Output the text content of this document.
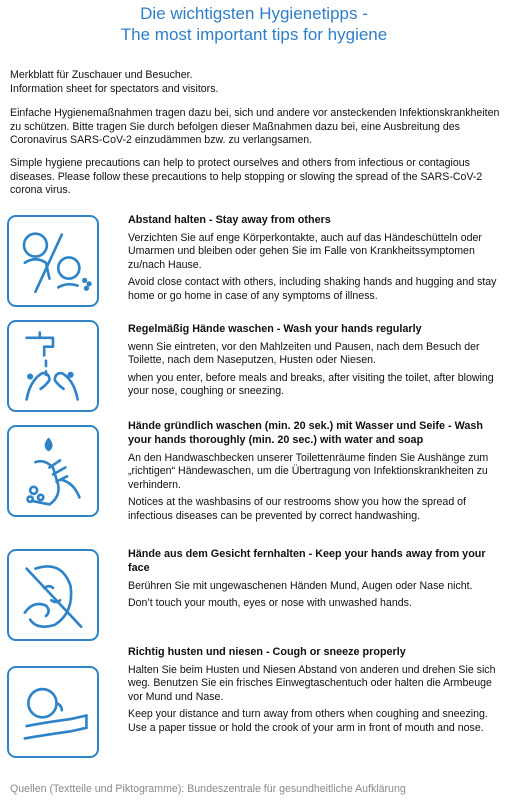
Die wichtigsten Hygienetipps -
The most important tips for hygiene

Merkblatt für Zuschauer und Besucher.

Information sheet for spectators and visitors.

Einfache Hygienemaßnahmen tragen dazu bei, sich und andere vor ansteckenden Infektionskrankheiten zu schützen. Bitte tragen Sie durch befolgen dieser Maßnahmen dazu bei, eine Ausbreitung des Coronavirus SARS-CoV-2 einzudämmen bzw. zu verlangsamen.

Simple hygiene precautions can help to protect ourselves and others from infectious or contagious diseases. Please follow these precautions to help stopping or slowing the spread of the SARS-CoV-2 corona virus.

Abstand halten - Stay away from others

Verzichten Sie auf enge Körperkontakte, auch auf das Händeschütteln oder Umarmen und bleiben oder gehen Sie im Falle von Krankheitssymptomen zu/nach Hause.

Avoid close contact with others, including shaking hands and hugging and stay home or go home in case of any symptoms of illness.

Regelmäßig Hände waschen - Wash your hands regularly

wenn Sie eintreten, vor den Mahlzeiten und Pausen, nach dem Besuch der Toilette, nach dem Naseputzen, Husten oder Niesen.

when you enter, before meals and breaks, after visiting the toilet, after blowing your nose, coughing or sneezing.

Hände gründlich waschen (min. 20 sek.) mit Wasser und Seife - Wash your hands thoroughly (min. 20 sec.) with water and soap

An den Handwaschbecken unserer Toilettenräume finden Sie Aushänge zum „richtigen“ Händewaschen, um die Übertragung von Infektionskrankheiten zu verhindern.

Notices at the washbasins of our restrooms show you how the spread of infectious diseases can be prevented by correct handwashing.

Hände aus dem Gesicht fernhalten - Keep your hands away from your face

Berühren Sie mit ungewaschenen Händen Mund, Augen oder Nase nicht.

Don’t touch your mouth, eyes or nose with unwashed hands.

Richtig husten und niesen - Cough or sneeze properly

Halten Sie beim Husten und Niesen Abstand von anderen und drehen Sie sich weg. Benutzen Sie ein frisches Einwegtaschentuch oder halten die Armbeuge vor Mund und Nase.

Keep your distance and turn away from others when coughing and sneezing. Use a paper tissue or hold the crook of your arm in front of mouth and nose.

Quellen (Textteile und Piktogramme): Bundeszentrale für gesundheitliche Aufklärung
